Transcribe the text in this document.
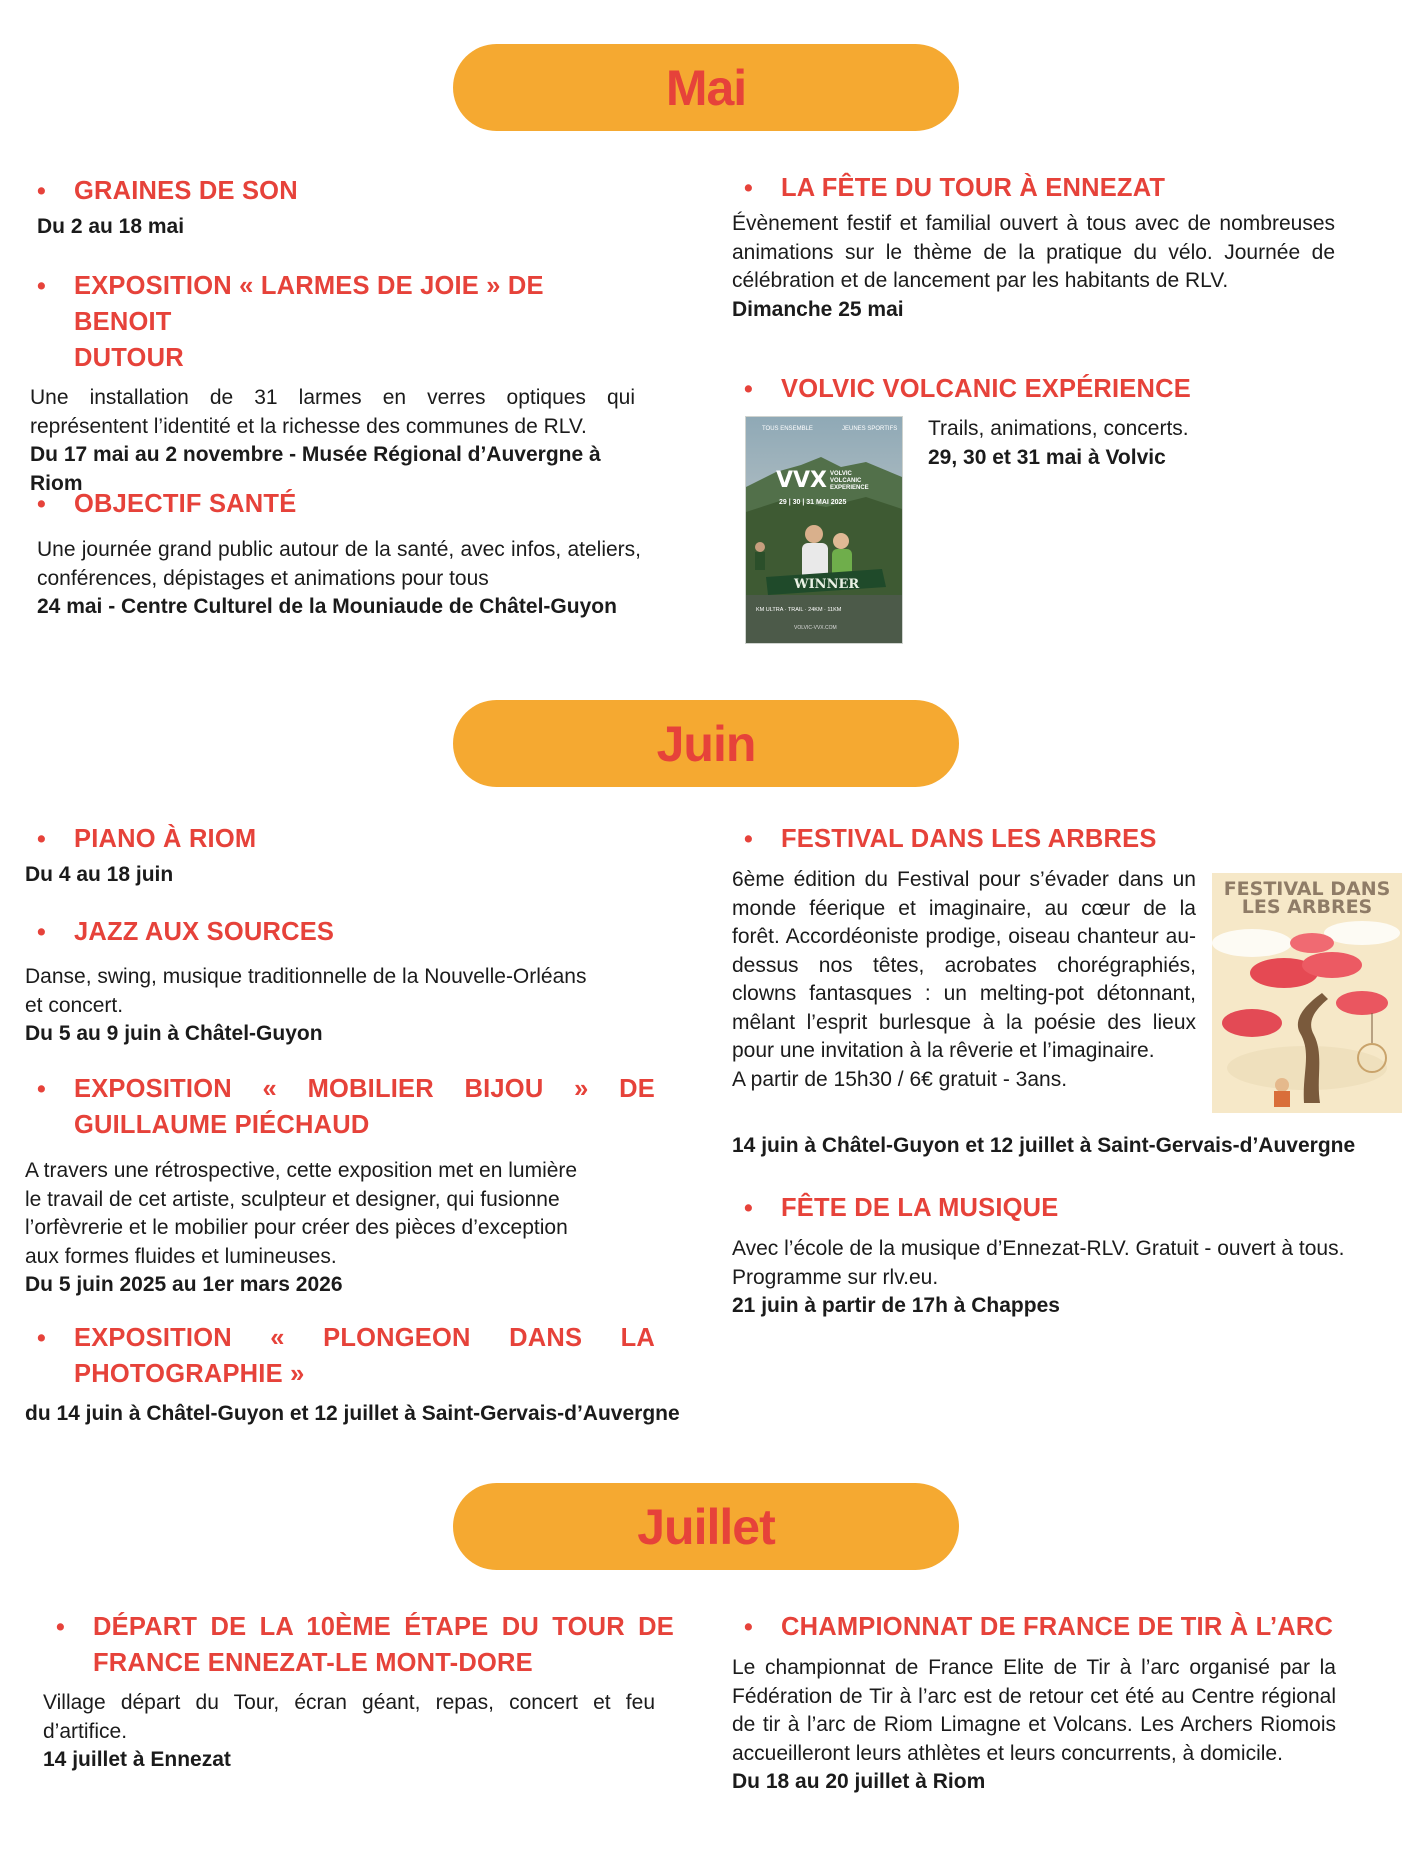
Mai
• GRAINES DE SON

Du 2 au 18 mai

• EXPOSITION « LARMES DE JOIE » DE BENOIT
DUTOUR

Une installation de 31 larmes en verres optiques qui représentent l’identité et la richesse des communes de RLV.

Du 17 mai au 2 novembre - Musée Régional d’Auvergne à Riom

• OBJECTIF SANTÉ

Une journée grand public autour de la santé, avec infos, ateliers, conférences, dépistages et animations pour tous

24 mai - Centre Culturel de la Mouniaude de Châtel-Guyon

• LA FÊTE DU TOUR À ENNEZAT

Évènement festif et familial ouvert à tous avec de nombreuses animations sur le thème de la pratique du vélo. Journée de célébration et de lancement par les habitants de RLV.

Dimanche 25 mai

• VOLVIC VOLCANIC EXPÉRIENCE

Trails, animations, concerts.

29, 30 et 31 mai à Volvic

TOUS ENSEMBLE	JEUNES SPORTIFS
VVX VOLVIC
VOLCANIC
EXPERIENCE
29 | 30 | 31 MAI 2025
WINNER
KM ULTRA · TRAIL · 24KM · 11KM
VOLVIC-VVX.COM
Juin
• PIANO À RIOM

Du 4 au 18 juin

• JAZZ AUX SOURCES

Danse, swing, musique traditionnelle de la Nouvelle-Orléans
et concert.

Du 5 au 9 juin à Châtel-Guyon

• EXPOSITION « MOBILIER BIJOU » DE
GUILLAUME PIÉCHAUD

A travers une rétrospective, cette exposition met en lumière
le travail de cet artiste, sculpteur et designer, qui fusionne
l’orfèvrerie et le mobilier pour créer des pièces d’exception
aux formes fluides et lumineuses.

Du 5 juin 2025 au 1er mars 2026

• EXPOSITION « PLONGEON DANS LA
PHOTOGRAPHIE »

du 14 juin à Châtel-Guyon et 12 juillet à Saint-Gervais-d’Auvergne

• FESTIVAL DANS LES ARBRES

6ème édition du Festival pour s’évader dans un monde féerique et imaginaire, au cœur de la forêt. Accordéoniste prodige, oiseau chanteur au-dessus nos têtes, acrobates chorégraphiés, clowns fantasques : un melting-pot détonnant, mêlant l’esprit burlesque à la poésie des lieux pour une invitation à la rêverie et l’imaginaire.

A partir de 15h30 / 6€ gratuit - 3ans.

14 juin à Châtel-Guyon et 12 juillet à Saint-Gervais-d’Auvergne

FESTIVAL DANS
LES ARBRES
• FÊTE DE LA MUSIQUE

Avec l’école de la musique d’Ennezat-RLV. Gratuit - ouvert à tous. Programme sur rlv.eu.

21 juin à partir de 17h à Chappes

Juillet
• DÉPART DE LA 10ÈME ÉTAPE DU TOUR DE
FRANCE ENNEZAT-LE MONT-DORE

Village départ du Tour, écran géant, repas, concert et feu d’artifice.

14 juillet à Ennezat

• CHAMPIONNAT DE FRANCE DE TIR À L’ARC

Le championnat de France Elite de Tir à l’arc organisé par la Fédération de Tir à l’arc est de retour cet été au Centre régional de tir à l’arc de Riom Limagne et Volcans. Les Archers Riomois accueilleront leurs athlètes et leurs concurrents, à domicile.

Du 18 au 20 juillet à Riom
